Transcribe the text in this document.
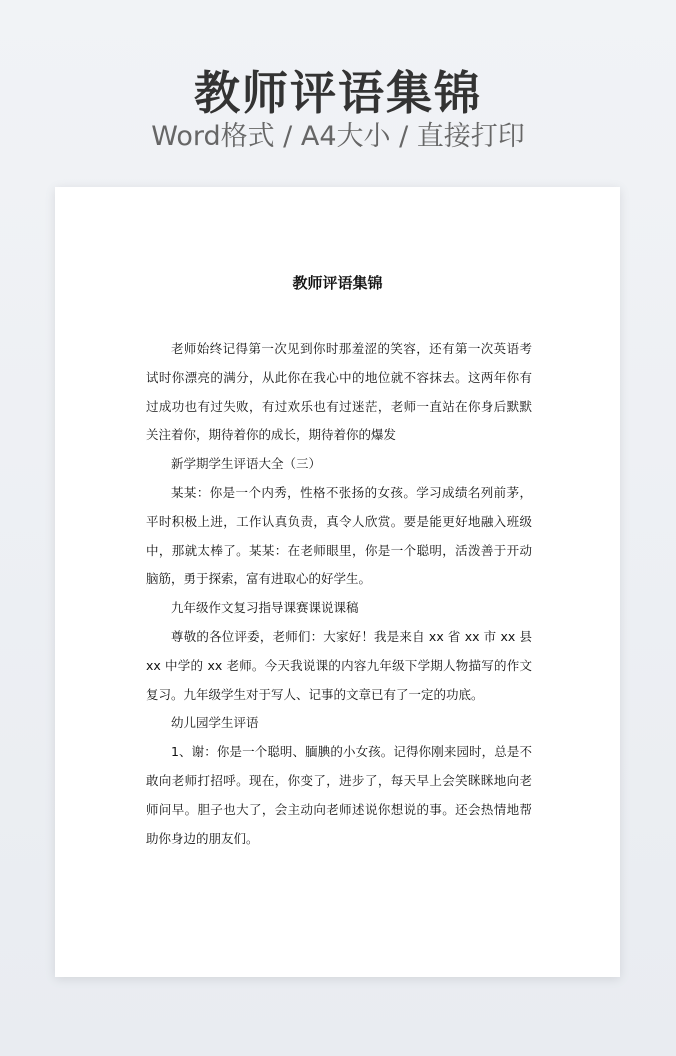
教师评语集锦
Word格式 / A4大小 / 直接打印
教师评语集锦

老师始终记得第一次见到你时那羞涩的笑容，还有第一次英语考试时你漂亮的满分，从此你在我心中的地位就不容抹去。这两年你有过成功也有过失败，有过欢乐也有过迷茫，老师一直站在你身后默默关注着你，期待着你的成长，期待着你的爆发

新学期学生评语大全（三）

某某：你是一个内秀，性格不张扬的女孩。学习成绩名列前茅，平时积极上进，工作认真负责，真令人欣赏。要是能更好地融入班级中，那就太棒了。某某：在老师眼里，你是一个聪明，活泼善于开动脑筋，勇于探索，富有进取心的好学生。

九年级作文复习指导课赛课说课稿

尊敬的各位评委，老师们：大家好！我是来自 xx 省 xx 市 xx 县 xx 中学的 xx 老师。今天我说课的内容九年级下学期人物描写的作文复习。九年级学生对于写人、记事的文章已有了一定的功底。

幼儿园学生评语

1、谢：你是一个聪明、腼腆的小女孩。记得你刚来园时，总是不敢向老师打招呼。现在，你变了，进步了，每天早上会笑眯眯地向老师问早。胆子也大了，会主动向老师述说你想说的事。还会热情地帮助你身边的朋友们。
